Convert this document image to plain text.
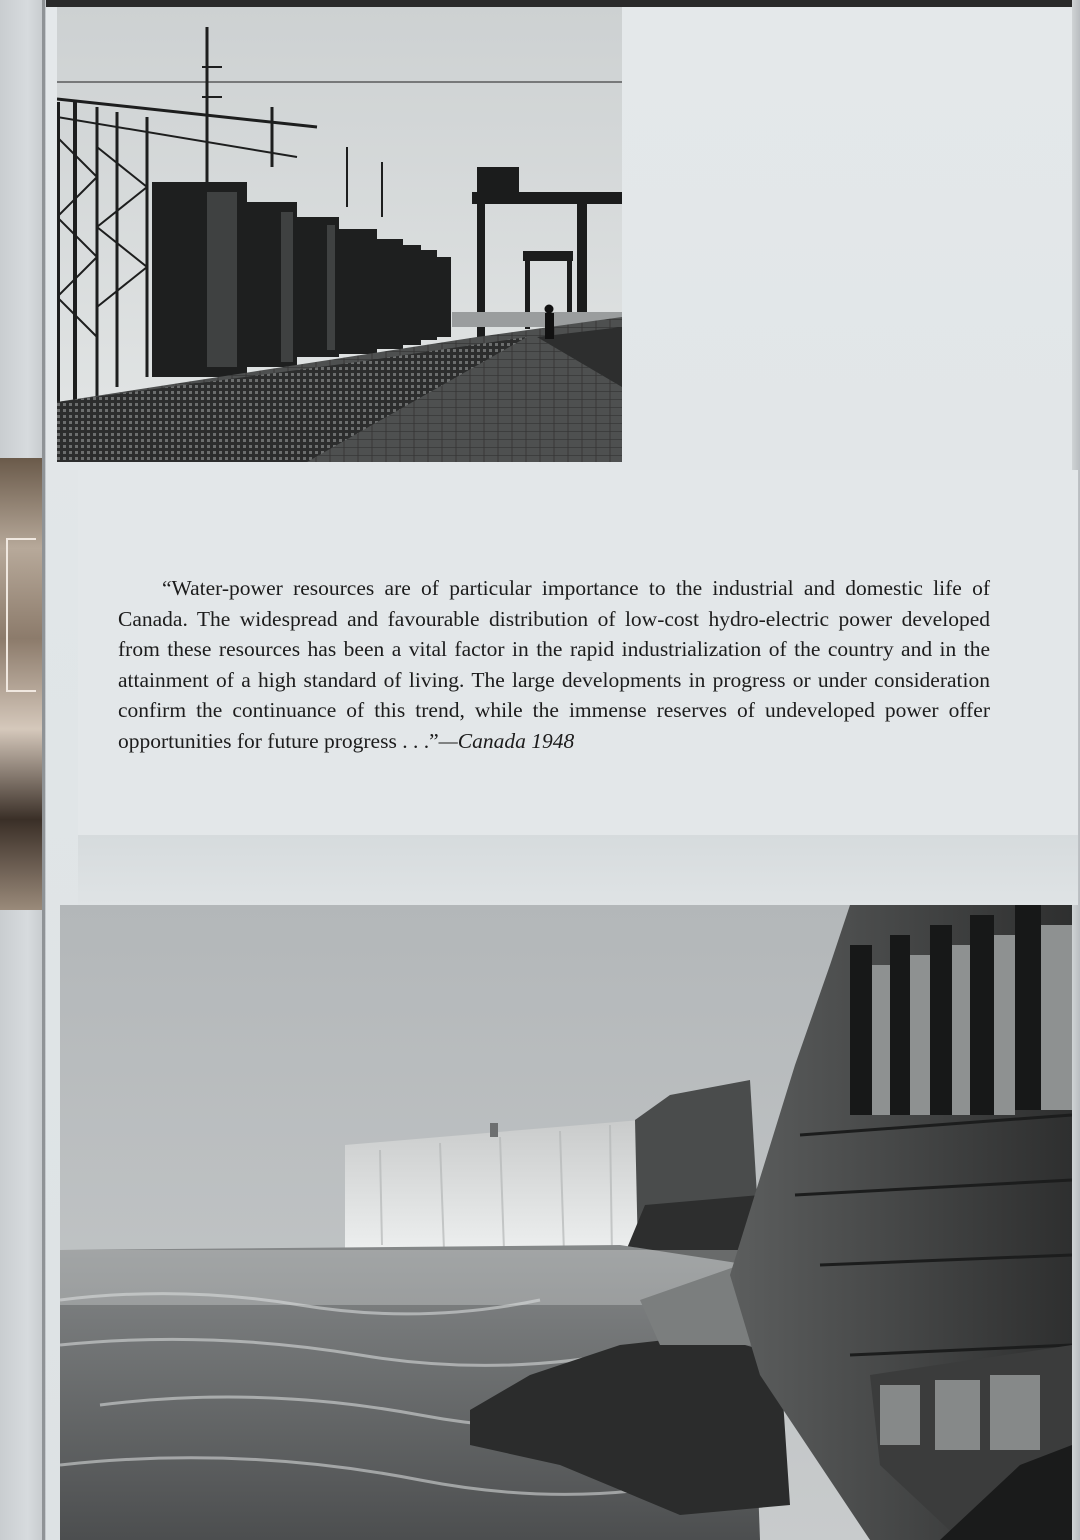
“Water-power resources are of particular importance to the industrial and domestic life of Canada. The widespread and favourable distribution of low-cost hydro-electric power developed from these resources has been a vital factor in the rapid industrialization of the country and in the attainment of a high standard of living. The large developments in progress or under consideration confirm the continuance of this trend, while the immense reserves of undeveloped power offer opportunities for future progress . . .”—Canada 1948
